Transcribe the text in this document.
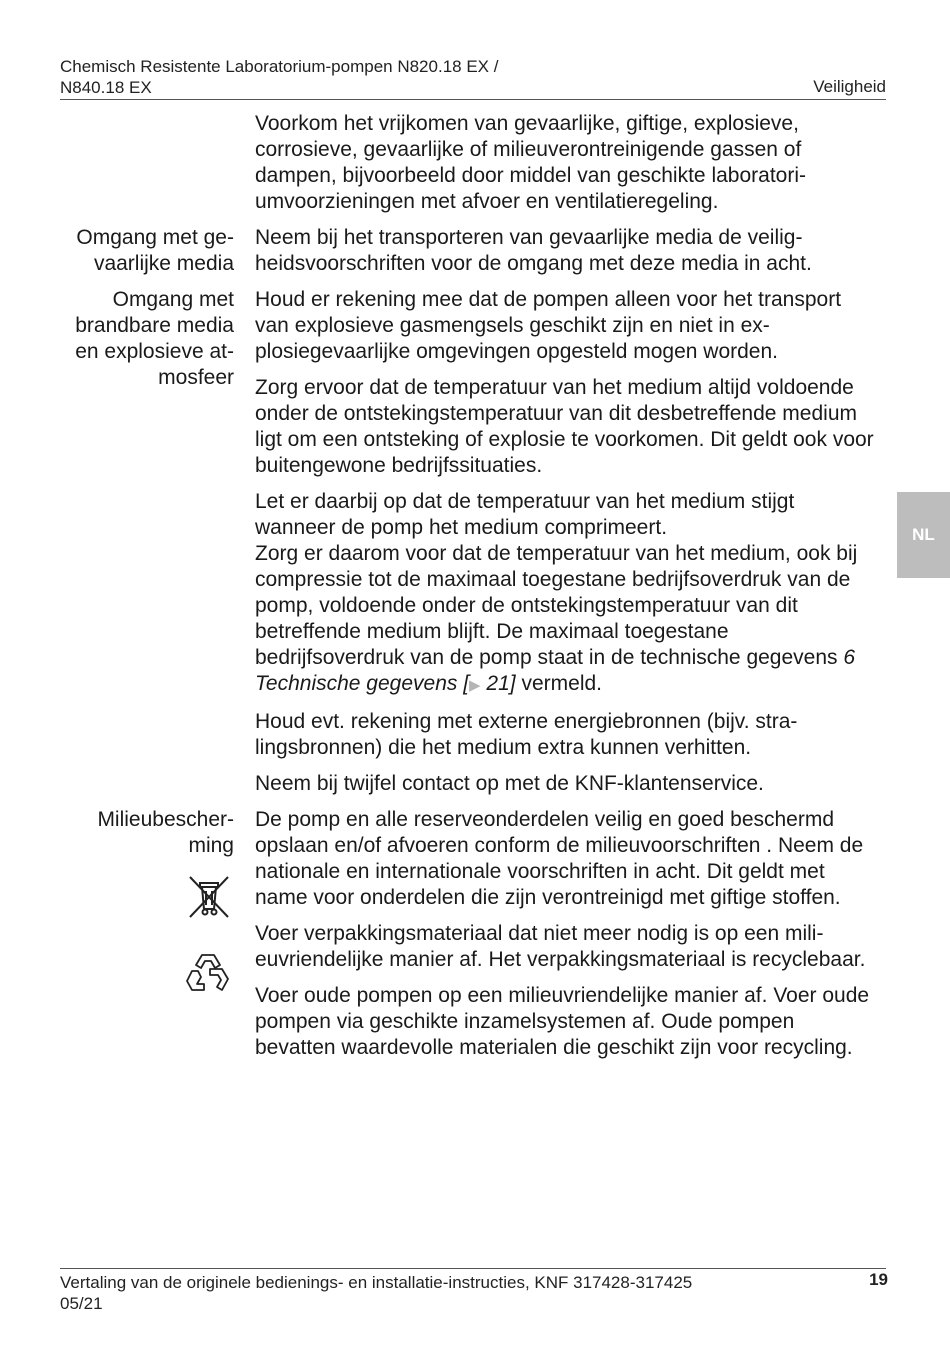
Chemisch Resistente Laboratorium-pompen N820.18 EX /
N840.18 EX	Veiligheid
NL

Voorkom het vrijkomen van gevaarlijke, giftige, explosieve, corrosieve, gevaarlijke of milieuverontreinigende gassen of dampen, bijvoorbeeld door middel van geschikte laboratoriumvoorzieningen met afvoer en ventilatieregeling.

Omgang met gevaarlijke media

Neem bij het transporteren van gevaarlijke media de veiligheidsvoorschriften voor de omgang met deze media in acht.

Omgang met brandbare media en explosieve atmosfeer

Houd er rekening mee dat de pompen alleen voor het transport van explosieve gasmengsels geschikt zijn en niet in explosiegevaarlijke omgevingen opgesteld mogen worden.

Zorg ervoor dat de temperatuur van het medium altijd voldoende onder de ontstekingstemperatuur van dit desbetreffende medium ligt om een ontsteking of explosie te voorkomen. Dit geldt ook voor buitengewone bedrijfssituaties.

Let er daarbij op dat de temperatuur van het medium stijgt wanneer de pomp het medium comprimeert.
Zorg er daarom voor dat de temperatuur van het medium, ook bij compressie tot de maximaal toegestane bedrijfsoverdruk van de pomp, voldoende onder de ontstekingstemperatuur van dit betreffende medium blijft. De maximaal toegestane bedrijfsoverdruk van de pomp staat in de technische gegevens 6 Technische gegevens [▶ 21] vermeld.

Houd evt. rekening met externe energiebronnen (bijv. stralingsbronnen) die het medium extra kunnen verhitten.

Neem bij twijfel contact op met de KNF-klantenservice.

Milieubescherming

De pomp en alle reserveonderdelen veilig en goed beschermd opslaan en/of afvoeren conform de milieuvoorschriften . Neem de nationale en internationale voorschriften in acht. Dit geldt met name voor onderdelen die zijn verontreinigd met giftige stoffen.

Voer verpakkingsmateriaal dat niet meer nodig is op een milieuvriendelijke manier af. Het verpakkingsmateriaal is recyclebaar.

Voer oude pompen op een milieuvriendelijke manier af. Voer oude pompen via geschikte inzamelsystemen af. Oude pompen bevatten waardevolle materialen die geschikt zijn voor recycling.

Vertaling van de originele bedienings- en installatie-instructies, KNF 317428-317425
05/21
19
